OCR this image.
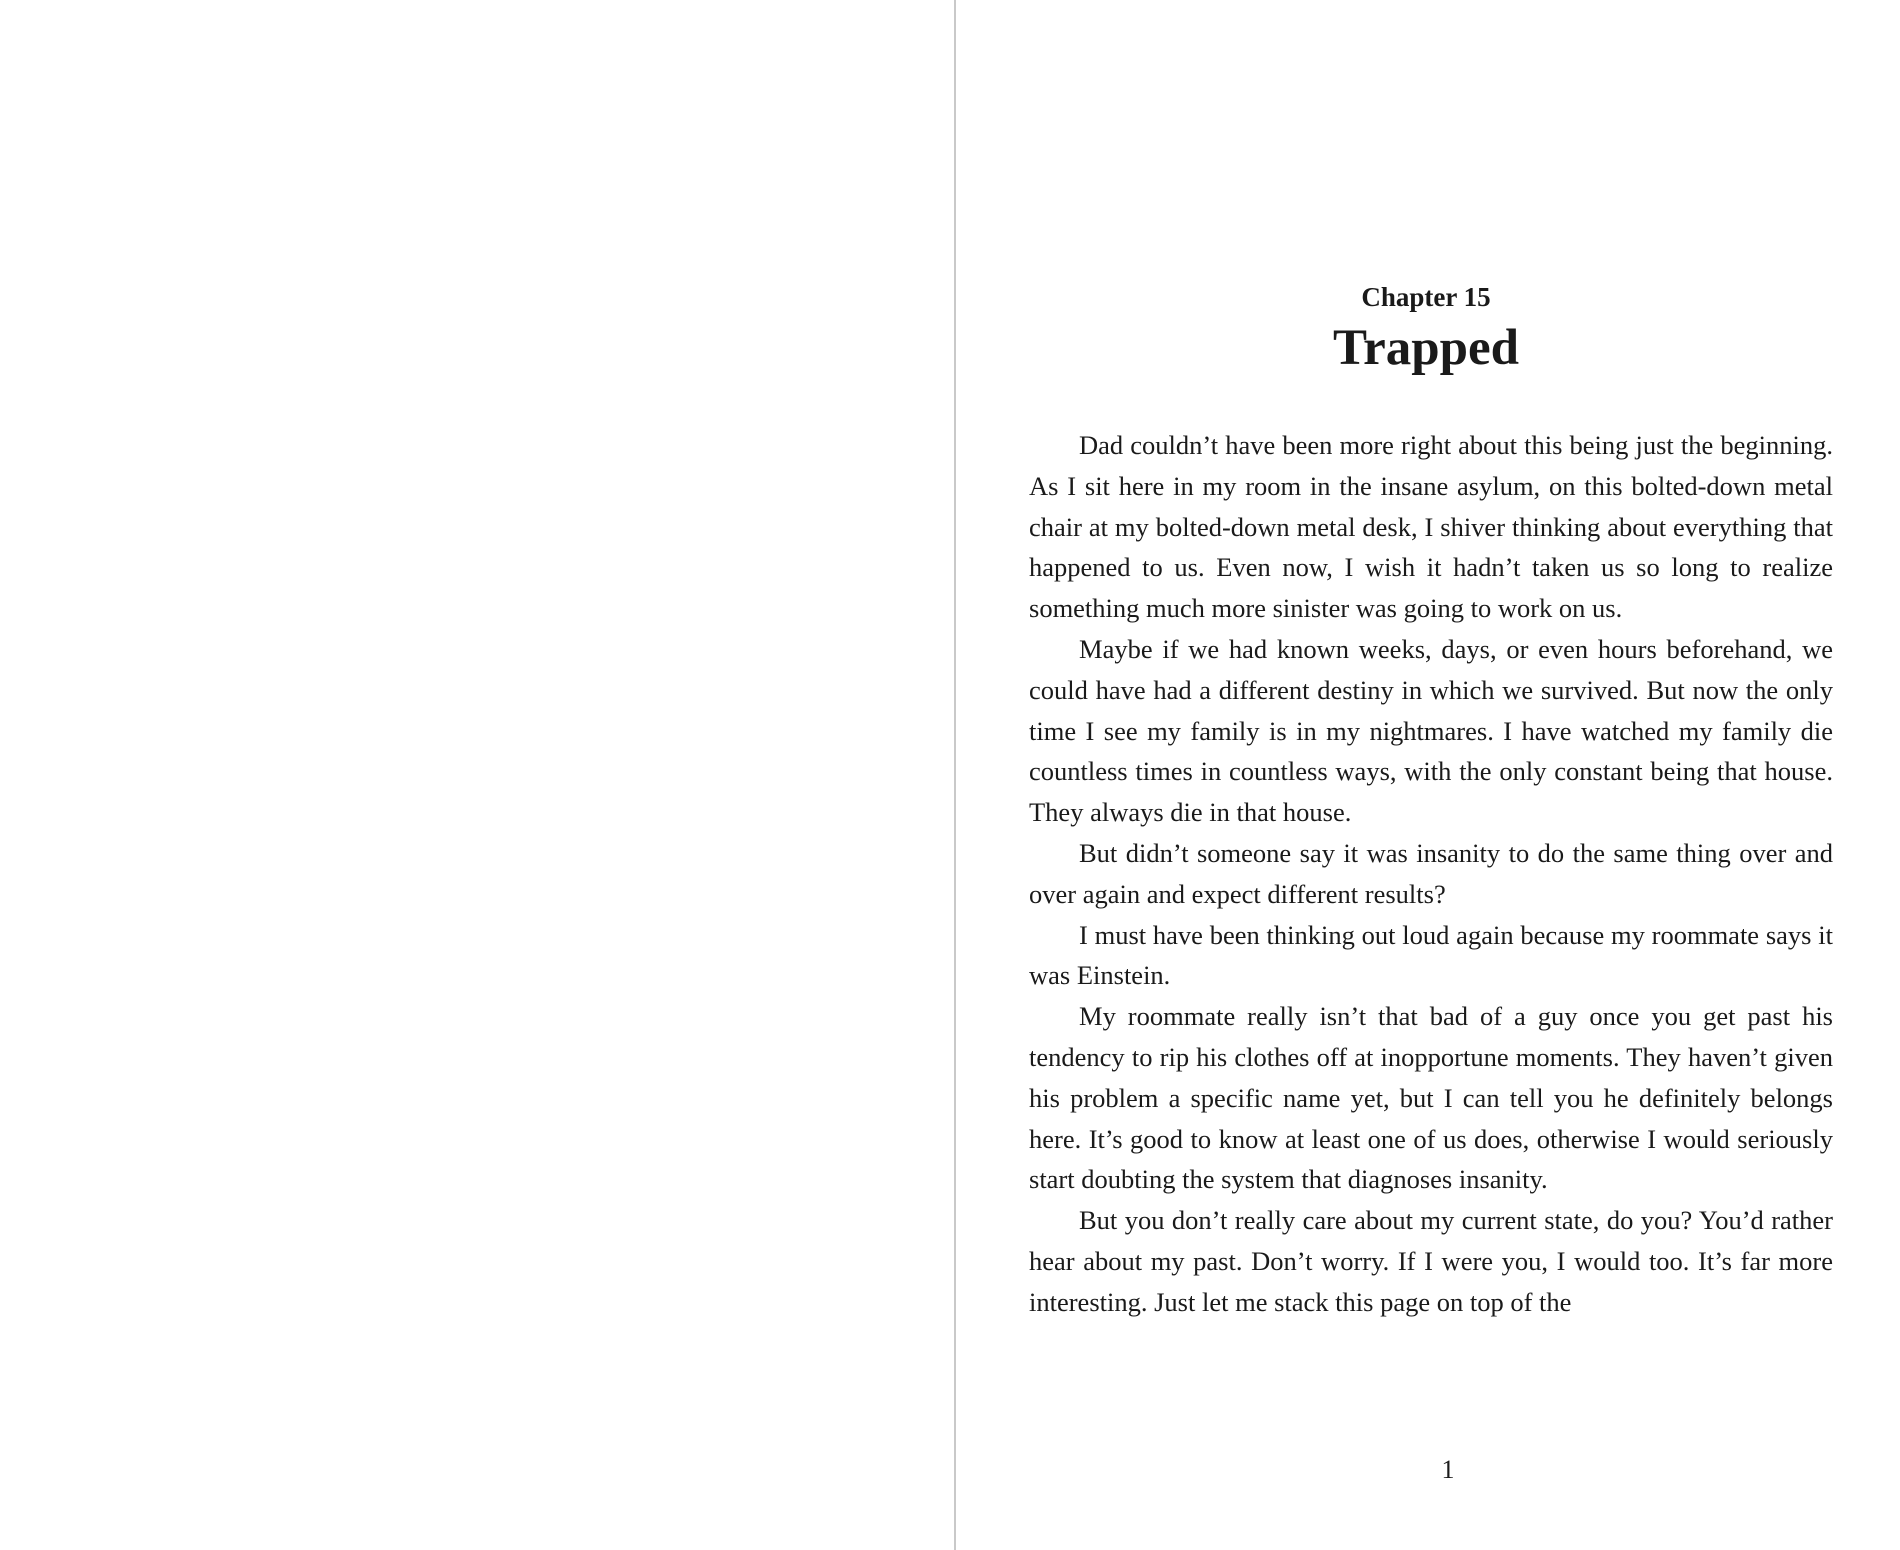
Chapter 15
Trapped

Dad couldn’t have been more right about this being just the beginning. As I sit here in my room in the insane asylum, on this bolted-down metal chair at my bolted-down metal desk, I shiver thinking about everything that happened to us. Even now, I wish it hadn’t taken us so long to realize something much more sinister was going to work on us.

Maybe if we had known weeks, days, or even hours beforehand, we could have had a different destiny in which we survived. But now the only time I see my family is in my nightmares. I have watched my family die countless times in countless ways, with the only constant being that house. They always die in that house.

But didn’t someone say it was insanity to do the same thing over and over again and expect different results?

I must have been thinking out loud again because my roommate says it was Einstein.

My roommate really isn’t that bad of a guy once you get past his tendency to rip his clothes off at inopportune moments. They haven’t given his problem a specific name yet, but I can tell you he definitely belongs here. It’s good to know at least one of us does, otherwise I would seriously start doubting the system that diagnoses insanity.

But you don’t really care about my current state, do you? You’d rather hear about my past. Don’t worry. If I were you, I would too. It’s far more interesting. Just let me stack this page on top of the

1
